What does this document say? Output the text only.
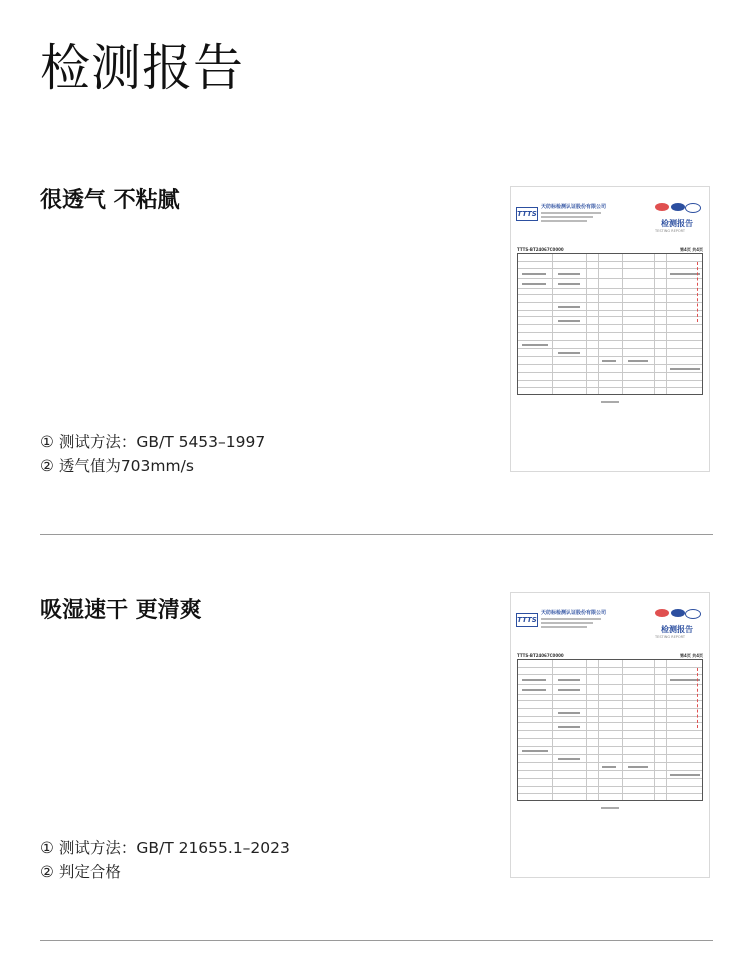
检测报告
很透气 不粘腻
① 测试方法：GB/T 5453–1997
② 透气值为703mm/s
TTTS
天纺标检测认证股份有限公司
检测报告
TESTING REPORT
TTTS-BT24067C0000	第4页 共4页
吸湿速干 更清爽
① 测试方法：GB/T 21655.1–2023
② 判定合格
TTTS
天纺标检测认证股份有限公司
检测报告
TESTING REPORT
TTTS-BT24067C0000	第4页 共4页
